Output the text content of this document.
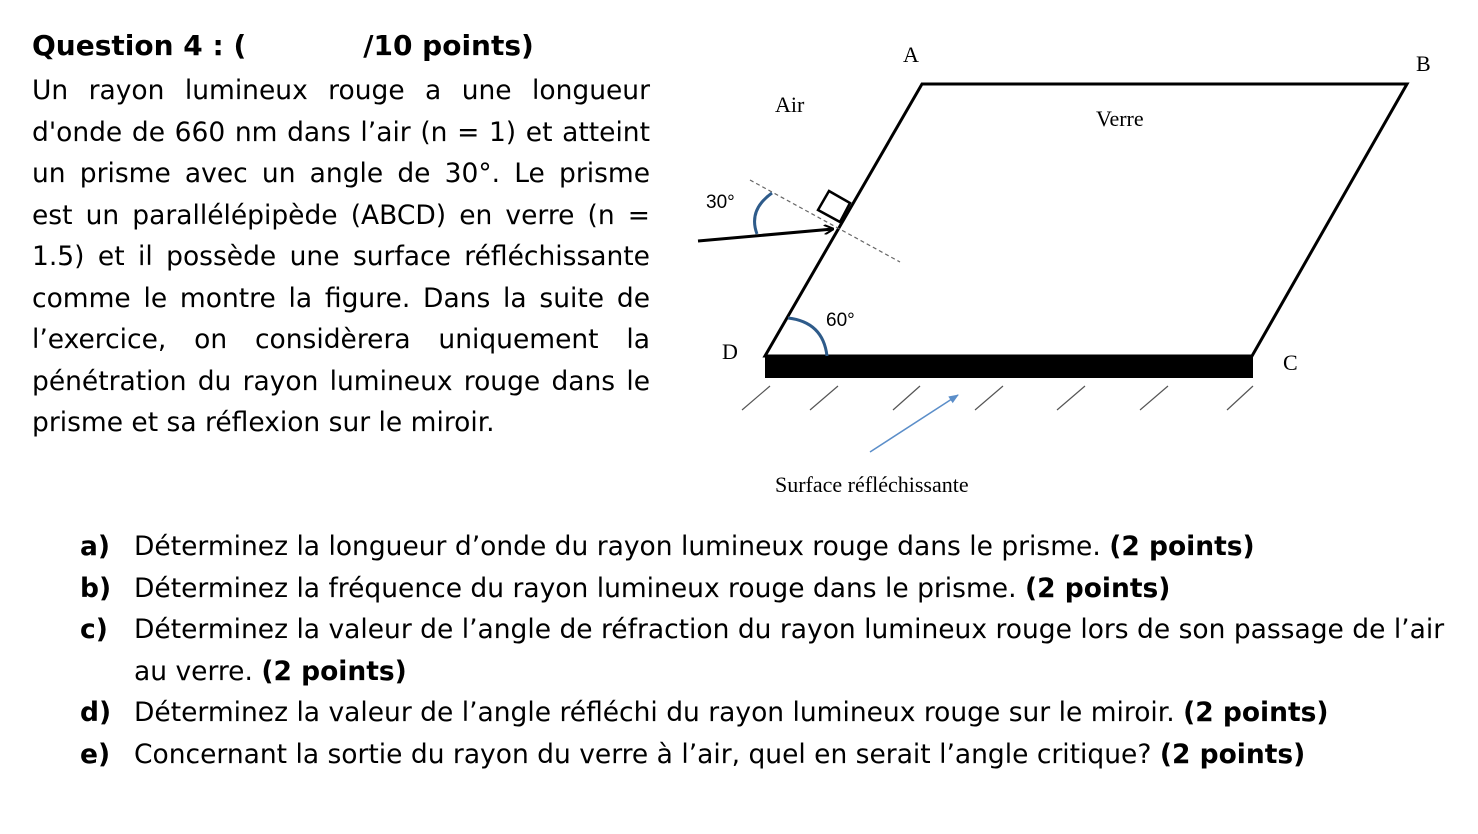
Question 4 : (            /10 points)

Un rayon lumineux rouge a une longueur d'onde de 660 nm dans l’air (n = 1) et atteint un prisme avec un angle de 30°. Le prisme est un parallélépipède (ABCD) en verre (n = 1.5) et il possède une surface réfléchissante comme le montre la figure. Dans la suite de l’exercice, on considèrera uniquement la pénétration du rayon lumineux rouge dans le prisme et sa réflexion sur le miroir.

A	B
C
D
Air
Verre
30°
60°
Surface réfléchissante
a) Déterminez la longueur d’onde du rayon lumineux rouge dans le prisme. (2 points)
b) Déterminez la fréquence du rayon lumineux rouge dans le prisme. (2 points)
c) Déterminez la valeur de l’angle de réfraction du rayon lumineux rouge lors de son passage de l’air au verre. (2 points)
d) Déterminez la valeur de l’angle réfléchi du rayon lumineux rouge sur le miroir. (2 points)
e) Concernant la sortie du rayon du verre à l’air, quel en serait l’angle critique? (2 points)
